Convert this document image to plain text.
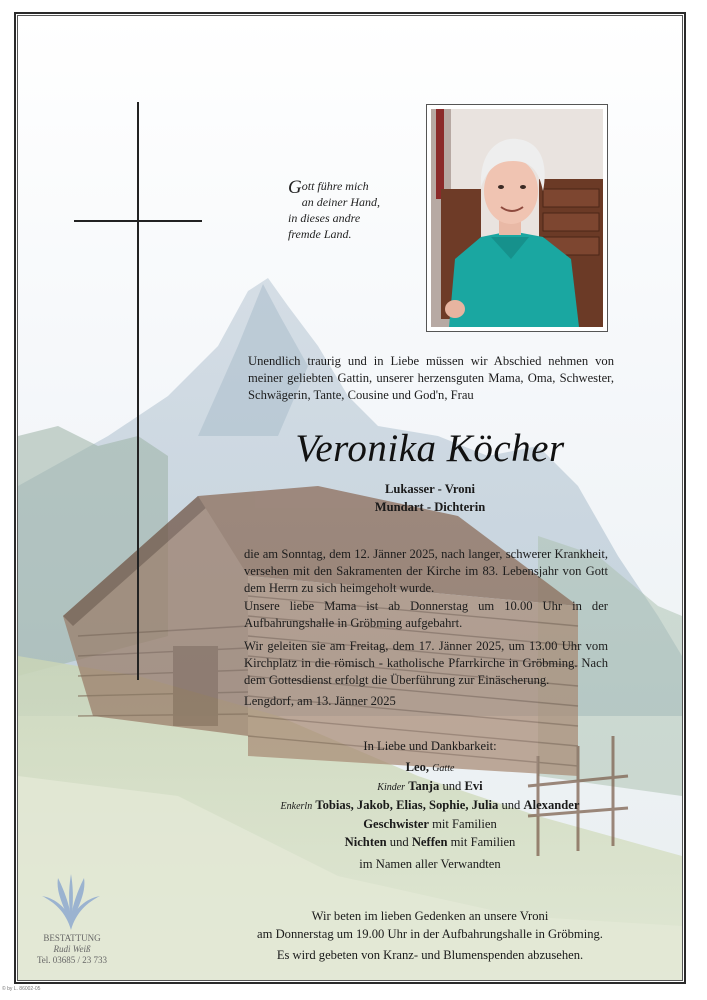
Gott führe mich

an deiner Hand,

in dieses andre

fremde Land.

Unendlich traurig und in Liebe müssen wir Abschied nehmen von meiner geliebten Gattin, unserer herzensguten Mama, Oma, Schwester, Schwägerin, Tante, Cousine und God'n, Frau
Veronika Köcher
Lukasser - Vroni
Mundart - Dichterin
die am Sonntag, dem 12. Jänner 2025, nach langer, schwerer Krankheit, versehen mit den Sakramenten der Kirche im 83. Lebensjahr von Gott dem Herrn zu sich heimgeholt wurde.
Unsere liebe Mama ist ab Donnerstag um 10.00 Uhr in der Aufbahrungshalle in Gröbming aufgebahrt.
Wir geleiten sie am Freitag, dem 17. Jänner 2025, um 13.00 Uhr vom Kirchplatz in die römisch - katholische Pfarrkirche in Gröbming. Nach dem Gottesdienst erfolgt die Überführung zur Einäscherung.
Lengdorf, am 13. Jänner 2025
In Liebe und Dankbarkeit:
Leo, Gatte
Kinder Tanja und Evi
Enkerln Tobias, Jakob, Elias, Sophie, Julia und Alexander
Geschwister mit Familien
Nichten und Neffen mit Familien
im Namen aller Verwandten
Wir beten im lieben Gedenken an unsere Vroni
am Donnerstag um 19.00 Uhr in der Aufbahrungshalle in Gröbming.
Es wird gebeten von Kranz- und Blumenspenden abzusehen.
BESTATTUNG
Rudi Weiß
Tel. 03685 / 23 733
© by L. 86002-05
